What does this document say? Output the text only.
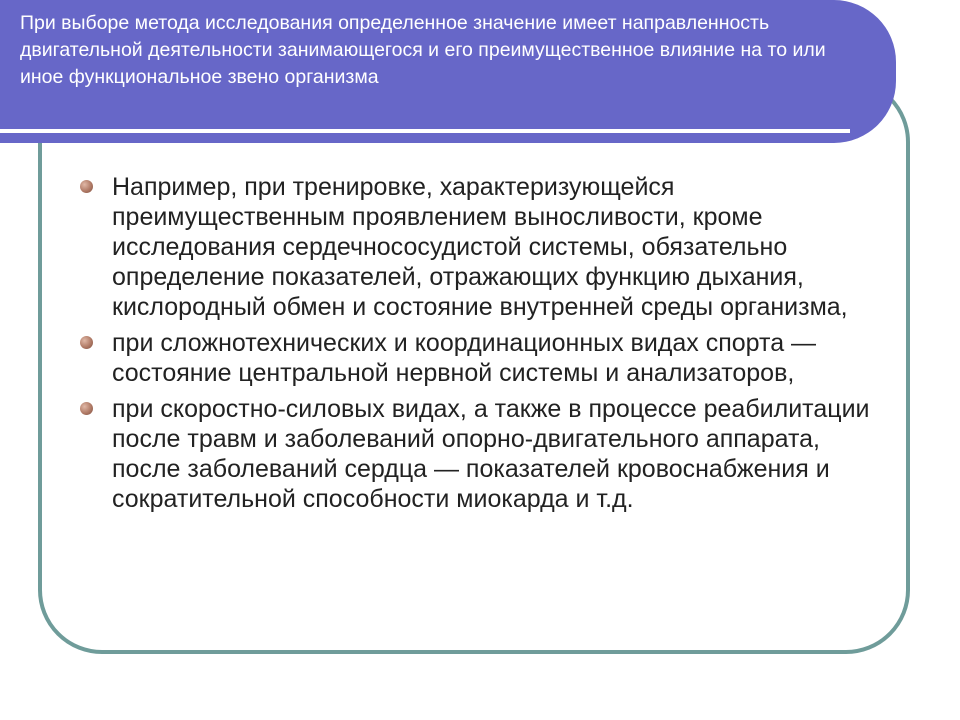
При выборе метода исследования определенное значение имеет направленность двигательной деятельности занимающегося и его преимущественное влияние на то или иное функциональное звено организма

Например, при тренировке, характеризующейся преимущественным проявлением выносливости, кроме исследования сердечнососудистой системы, обязательно определение показателей, отражающих функцию дыхания, кислородный обмен и состояние внутренней среды организма,
при сложнотехнических и координационных видах спорта — состояние центральной нервной системы и анализаторов,
при скоростно-силовых видах, а также в процессе реабилитации после травм и заболеваний опорно-двигательного аппарата, после заболеваний сердца — показателей кровоснабжения и сократительной способности миокарда и т.д.
